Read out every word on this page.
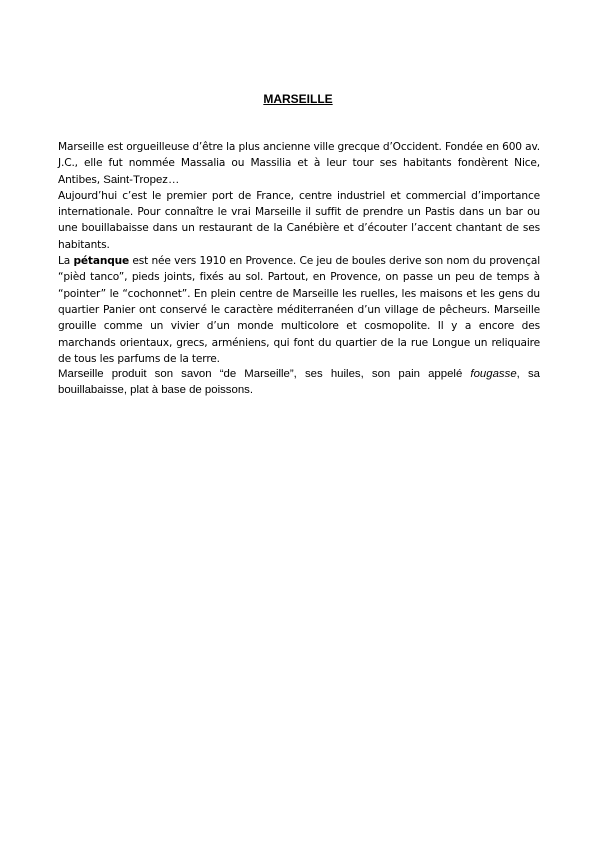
MARSEILLE

Marseille est orgueilleuse d’être la plus ancienne ville grecque d’Occident. Fondée en 600 av. J.C., elle fut nommée Massalia ou Massilia et à leur tour ses habitants fondèrent Nice, Antibes, Saint-Tropez…

Aujourd’hui c’est le premier port de France, centre industriel et commercial d’importance internationale. Pour connaître le vrai Marseille il suffit de prendre un Pastis dans un bar ou une bouillabaisse dans un restaurant de la Canébière et d’écouter l’accent chantant de ses habitants.

La pétanque est née vers 1910 en Provence. Ce jeu de boules derive son nom du provençal “pièd tanco”, pieds joints, fixés au sol. Partout, en Provence, on passe un peu de temps à “pointer” le “cochonnet”. En plein centre de Marseille les ruelles, les maisons et les gens du quartier Panier ont conservé le caractère méditerranéen d’un village de pêcheurs. Marseille grouille comme un vivier d’un monde multicolore et cosmopolite. Il y a encore des marchands orientaux, grecs, arméniens, qui font du quartier de la rue Longue un reliquaire de tous les parfums de la terre.

Marseille produit son savon “de Marseille”, ses huiles, son pain appelé fougasse, sa bouillabaisse, plat à base de poissons.
